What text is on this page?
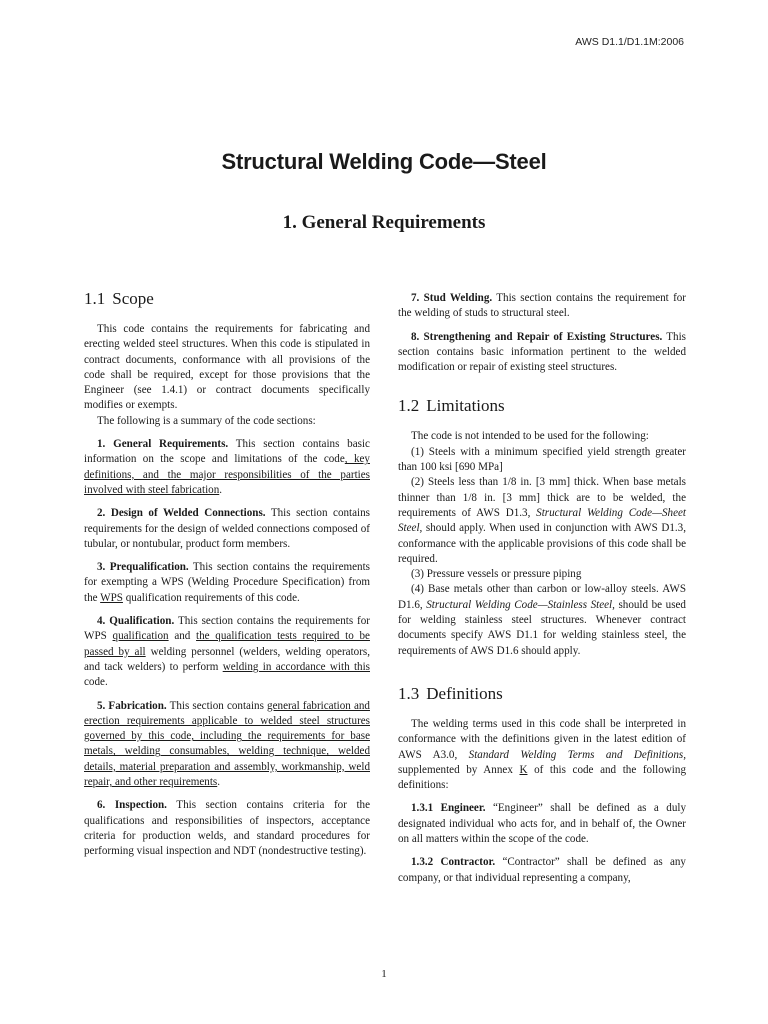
AWS D1.1/D1.1M:2006
Structural Welding Code—Steel
1. General Requirements
1.1 Scope

This code contains the requirements for fabricating and erecting welded steel structures. When this code is stipulated in contract documents, conformance with all provisions of the code shall be required, except for those provisions that the Engineer (see 1.4.1) or contract documents specifically modifies or exempts.

The following is a summary of the code sections:

1. General Requirements. This section contains basic information on the scope and limitations of the code, key definitions, and the major responsibilities of the parties involved with steel fabrication.

2. Design of Welded Connections. This section contains requirements for the design of welded connections composed of tubular, or nontubular, product form members.

3. Prequalification. This section contains the requirements for exempting a WPS (Welding Procedure Specification) from the WPS qualification requirements of this code.

4. Qualification. This section contains the requirements for WPS qualification and the qualification tests required to be passed by all welding personnel (welders, welding operators, and tack welders) to perform welding in accordance with this code.

5. Fabrication. This section contains general fabrication and erection requirements applicable to welded steel structures governed by this code, including the requirements for base metals, welding consumables, welding technique, welded details, material preparation and assembly, workmanship, weld repair, and other requirements.

6. Inspection. This section contains criteria for the qualifications and responsibilities of inspectors, acceptance criteria for production welds, and standard procedures for performing visual inspection and NDT (nondestructive testing).

7. Stud Welding. This section contains the requirement for the welding of studs to structural steel.

8. Strengthening and Repair of Existing Structures. This section contains basic information pertinent to the welded modification or repair of existing steel structures.

1.2 Limitations

The code is not intended to be used for the following:

(1) Steels with a minimum specified yield strength greater than 100 ksi [690 MPa]

(2) Steels less than 1/8 in. [3 mm] thick. When base metals thinner than 1/8 in. [3 mm] thick are to be welded, the requirements of AWS D1.3, Structural Welding Code—Sheet Steel, should apply. When used in conjunction with AWS D1.3, conformance with the applicable provisions of this code shall be required.

(3) Pressure vessels or pressure piping

(4) Base metals other than carbon or low-alloy steels. AWS D1.6, Structural Welding Code—Stainless Steel, should be used for welding stainless steel structures. Whenever contract documents specify AWS D1.1 for welding stainless steel, the requirements of AWS D1.6 should apply.

1.3 Definitions

The welding terms used in this code shall be interpreted in conformance with the definitions given in the latest edition of AWS A3.0, Standard Welding Terms and Definitions, supplemented by Annex K of this code and the following definitions:

1.3.1 Engineer. “Engineer” shall be defined as a duly designated individual who acts for, and in behalf of, the Owner on all matters within the scope of the code.

1.3.2 Contractor. “Contractor” shall be defined as any company, or that individual representing a company,

1
